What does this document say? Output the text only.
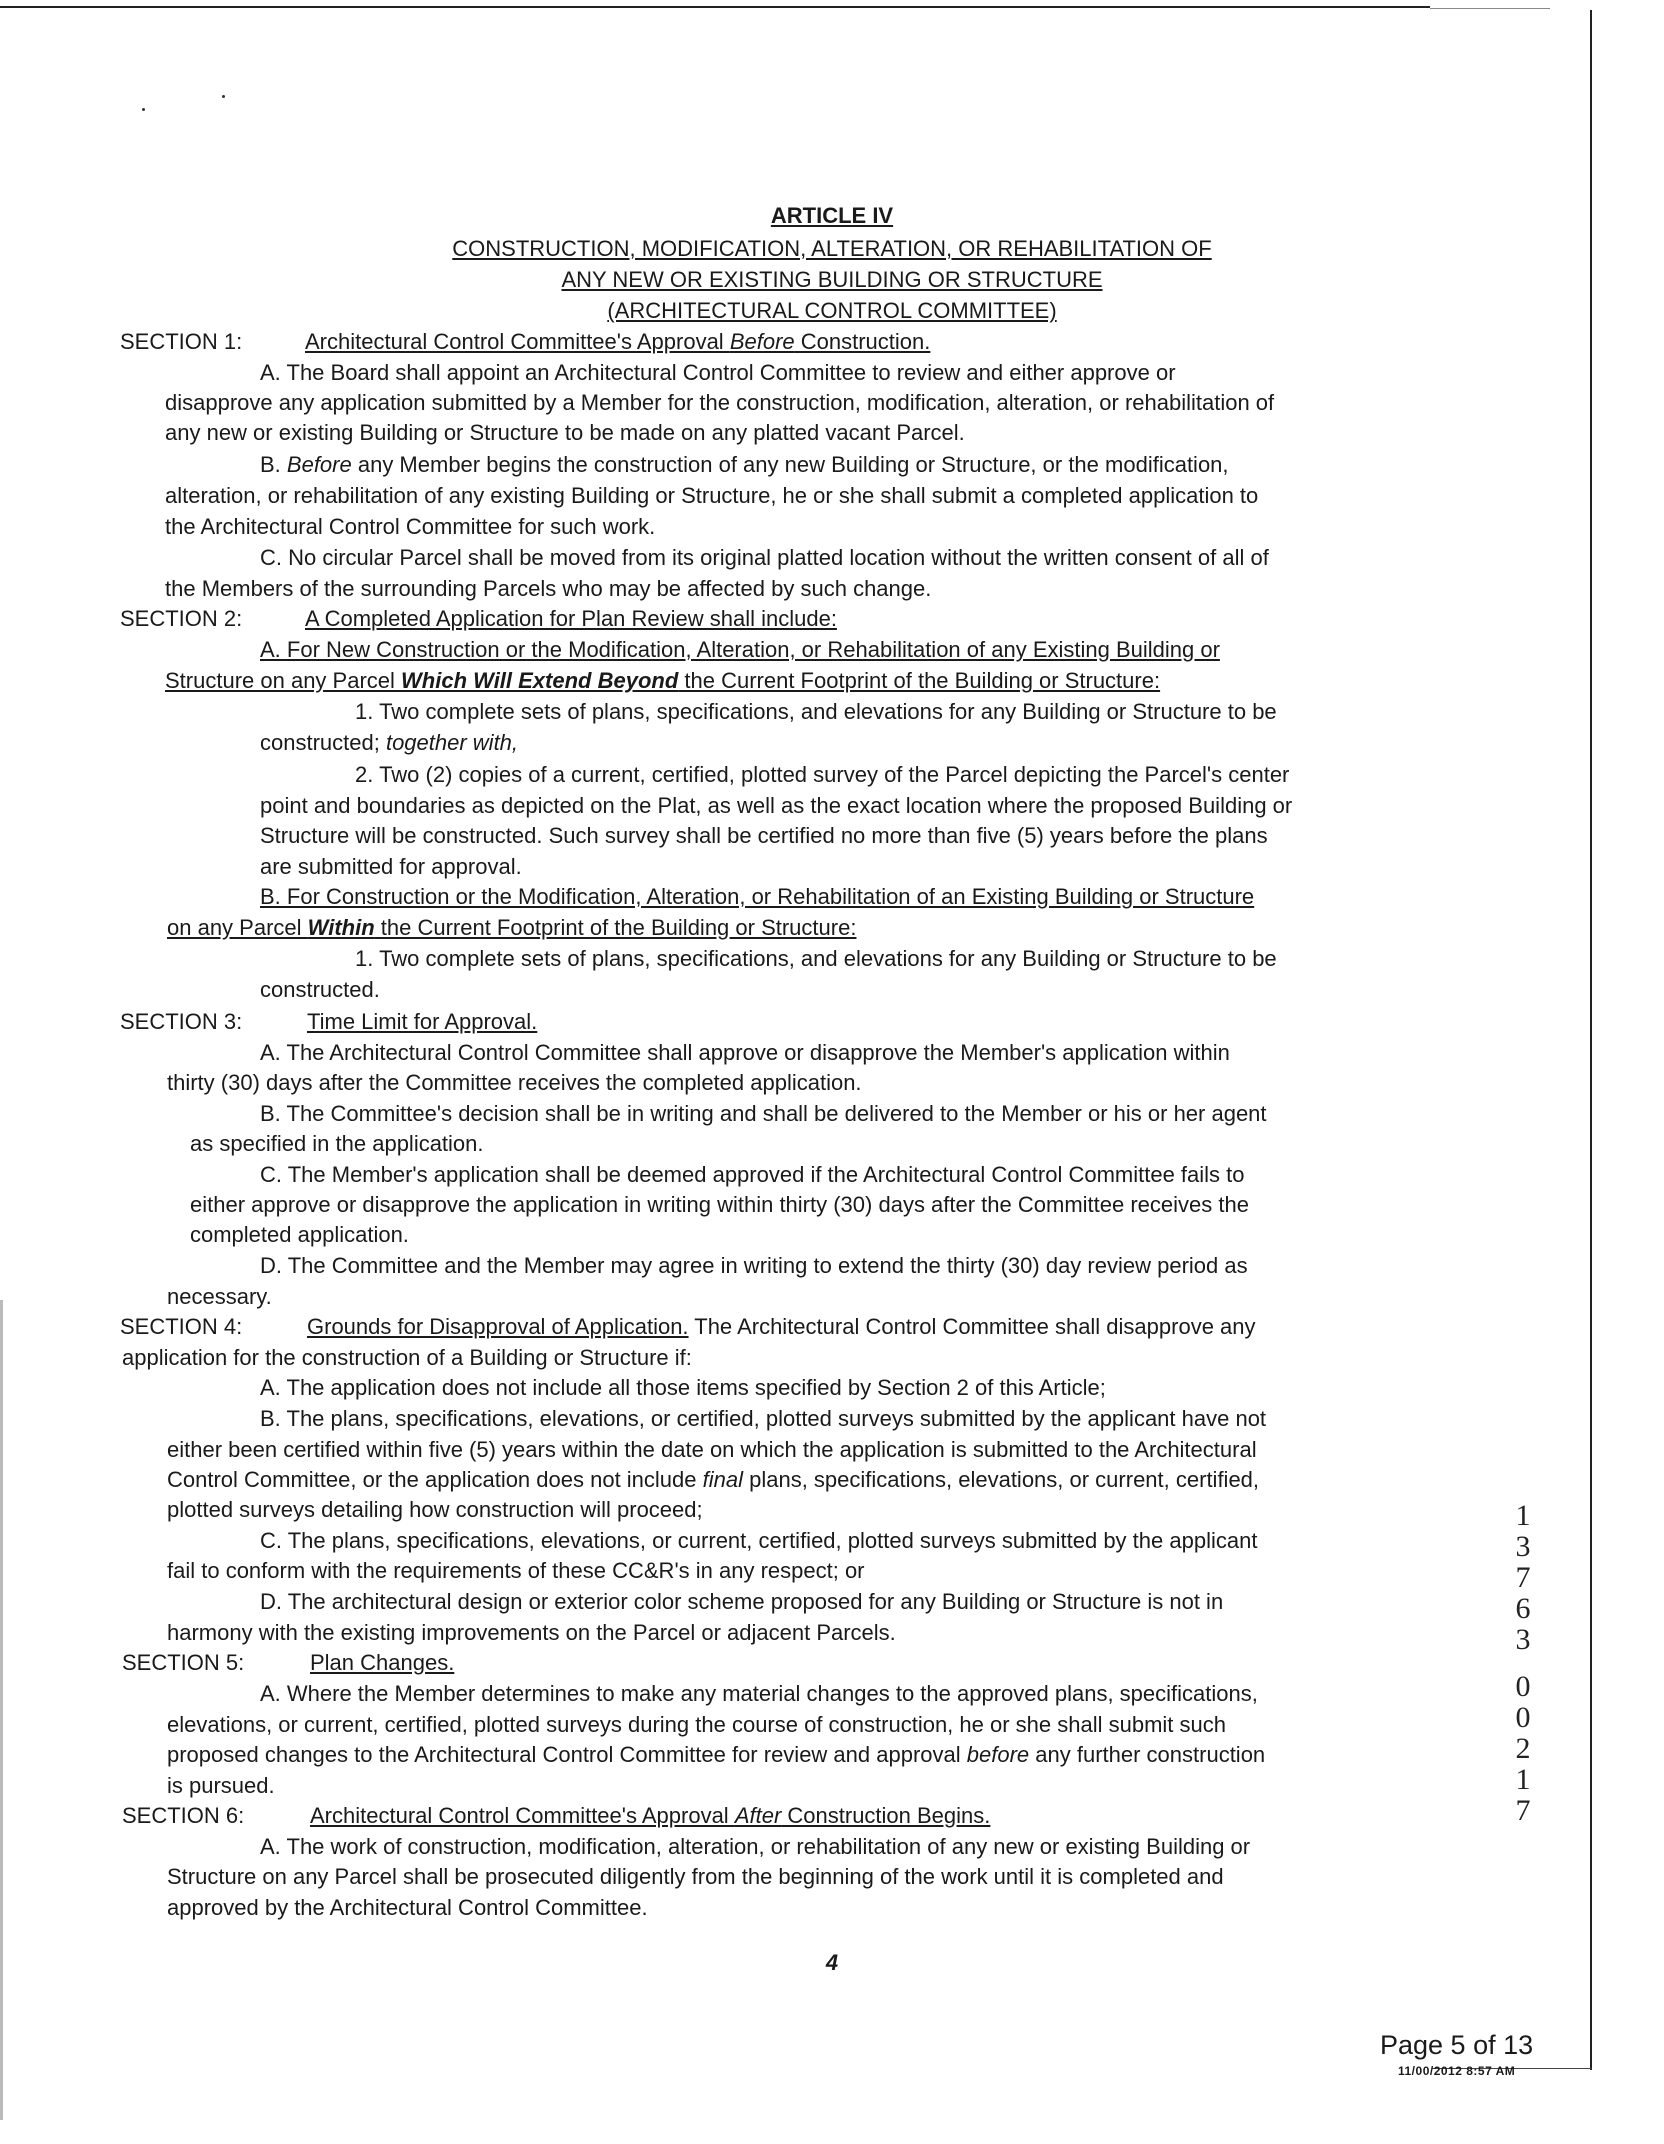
ARTICLE IV
CONSTRUCTION, MODIFICATION, ALTERATION, OR REHABILITATION OF
ANY NEW OR EXISTING BUILDING OR STRUCTURE
(ARCHITECTURAL CONTROL COMMITTEE)
SECTION 1:	Architectural Control Committee's Approval Before Construction.
A. The Board shall appoint an Architectural Control Committee to review and either approve or
disapprove any application submitted by a Member for the construction, modification, alteration, or rehabilitation of
any new or existing Building or Structure to be made on any platted vacant Parcel.
B. Before any Member begins the construction of any new Building or Structure, or the modification,
alteration, or rehabilitation of any existing Building or Structure, he or she shall submit a completed application to
the Architectural Control Committee for such work.
C. No circular Parcel shall be moved from its original platted location without the written consent of all of
the Members of the surrounding Parcels who may be affected by such change.
SECTION 2:	A Completed Application for Plan Review shall include:
A. For New Construction or the Modification, Alteration, or Rehabilitation of any Existing Building or
Structure on any Parcel Which Will Extend Beyond the Current Footprint of the Building or Structure:
1. Two complete sets of plans, specifications, and elevations for any Building or Structure to be
constructed; together with,
2. Two (2) copies of a current, certified, plotted survey of the Parcel depicting the Parcel's center
point and boundaries as depicted on the Plat, as well as the exact location where the proposed Building or
Structure will be constructed. Such survey shall be certified no more than five (5) years before the plans
are submitted for approval.
B. For Construction or the Modification, Alteration, or Rehabilitation of an Existing Building or Structure
on any Parcel Within the Current Footprint of the Building or Structure:
1. Two complete sets of plans, specifications, and elevations for any Building or Structure to be
constructed.
SECTION 3:	Time Limit for Approval.
A. The Architectural Control Committee shall approve or disapprove the Member's application within
thirty (30) days after the Committee receives the completed application.
B. The Committee's decision shall be in writing and shall be delivered to the Member or his or her agent
as specified in the application.
C. The Member's application shall be deemed approved if the Architectural Control Committee fails to
either approve or disapprove the application in writing within thirty (30) days after the Committee receives the
completed application.
D. The Committee and the Member may agree in writing to extend the thirty (30) day review period as
necessary.
SECTION 4:	Grounds for Disapproval of Application. The Architectural Control Committee shall disapprove any
application for the construction of a Building or Structure if:
A. The application does not include all those items specified by Section 2 of this Article;
B. The plans, specifications, elevations, or certified, plotted surveys submitted by the applicant have not
either been certified within five (5) years within the date on which the application is submitted to the Architectural
Control Committee, or the application does not include final plans, specifications, elevations, or current, certified,
plotted surveys detailing how construction will proceed;
C. The plans, specifications, elevations, or current, certified, plotted surveys submitted by the applicant
fail to conform with the requirements of these CC&R's in any respect; or
D. The architectural design or exterior color scheme proposed for any Building or Structure is not in
harmony with the existing improvements on the Parcel or adjacent Parcels.
SECTION 5:	Plan Changes.
A. Where the Member determines to make any material changes to the approved plans, specifications,
elevations, or current, certified, plotted surveys during the course of construction, he or she shall submit such
proposed changes to the Architectural Control Committee for review and approval before any further construction
is pursued.
SECTION 6:	Architectural Control Committee's Approval After Construction Begins.
A. The work of construction, modification, alteration, or rehabilitation of any new or existing Building or
Structure on any Parcel shall be prosecuted diligently from the beginning of the work until it is completed and
approved by the Architectural Control Committee.
1
3
7
6
3
0
0
2
1
7
4
Page 5 of 13
11/00/2012 8:57 AM
